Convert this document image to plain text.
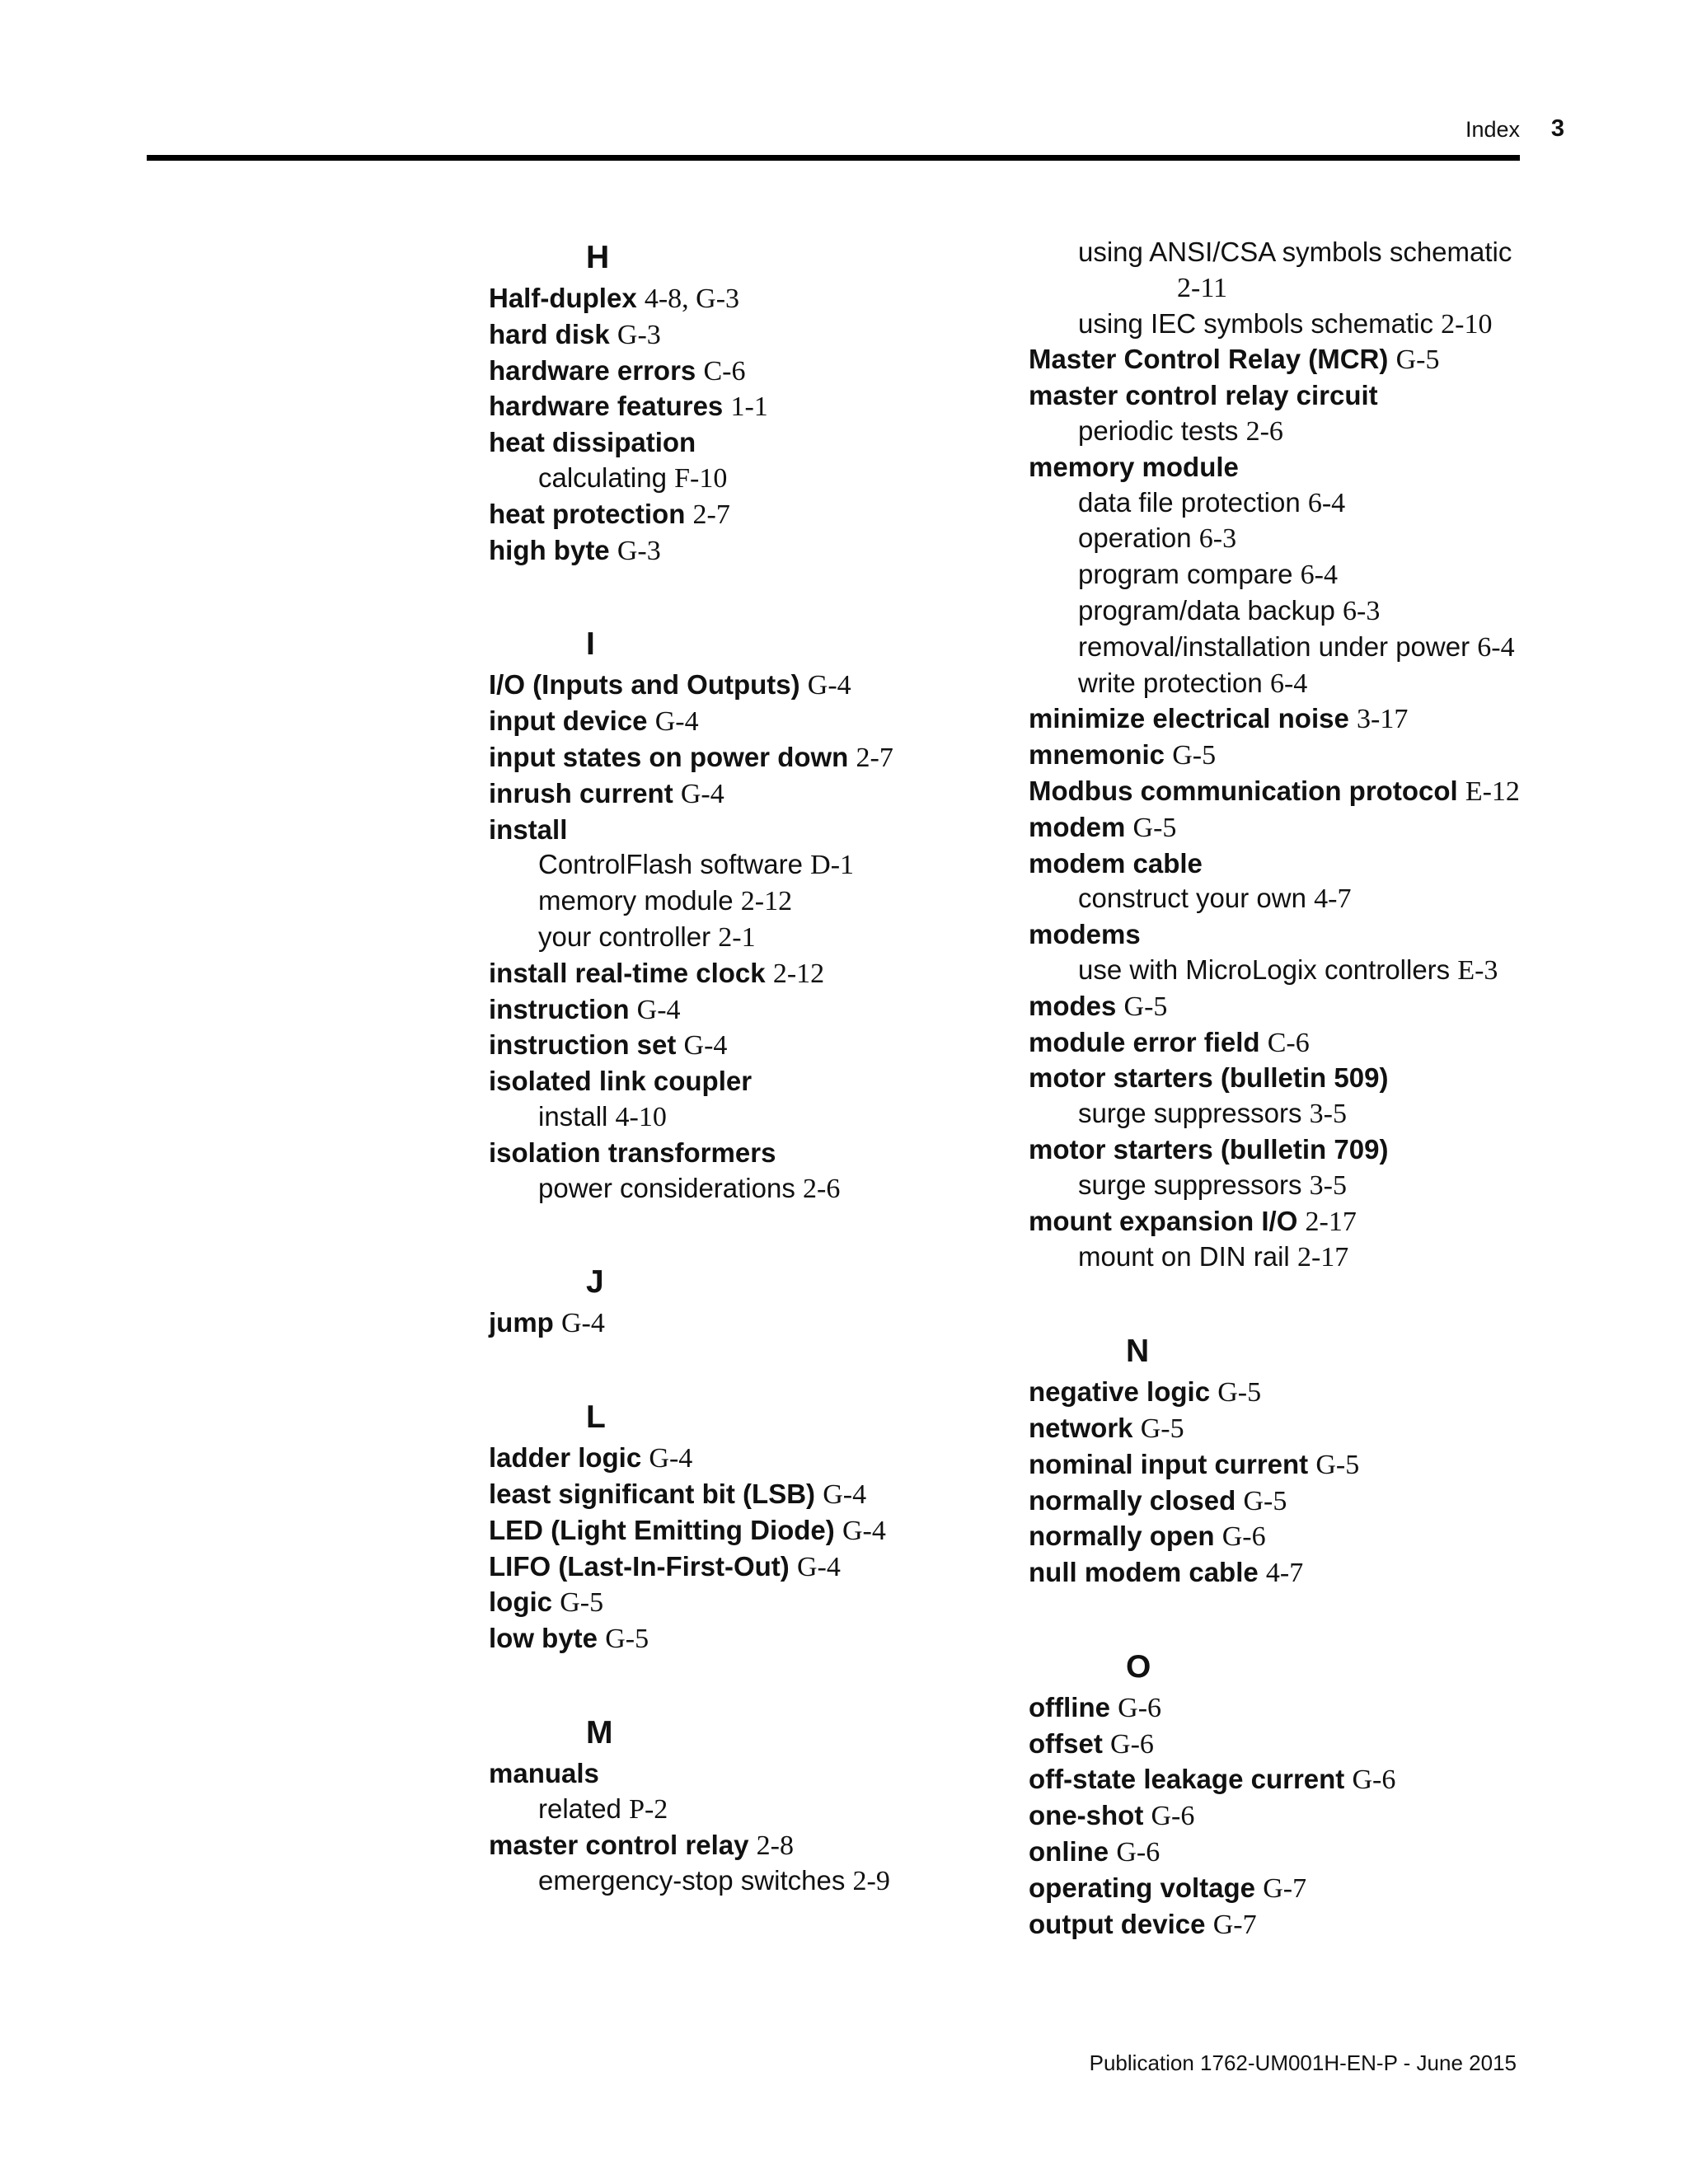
Index 3
H
Half-duplex 4-8, G-3
hard disk G-3
hardware errors C-6
hardware features 1-1
heat dissipation
calculating F-10
heat protection 2-7
high byte G-3
I
I/O (Inputs and Outputs) G-4
input device G-4
input states on power down 2-7
inrush current G-4
install
ControlFlash software D-1
memory module 2-12
your controller 2-1
install real-time clock 2-12
instruction G-4
instruction set G-4
isolated link coupler
install 4-10
isolation transformers
power considerations 2-6
J
jump G-4
L
ladder logic G-4
least significant bit (LSB) G-4
LED (Light Emitting Diode) G-4
LIFO (Last-In-First-Out) G-4
logic G-5
low byte G-5
M
manuals
related P-2
master control relay 2-8
emergency-stop switches 2-9
using ANSI/CSA symbols schematic
2-11
using IEC symbols schematic 2-10
Master Control Relay (MCR) G-5
master control relay circuit
periodic tests 2-6
memory module
data file protection 6-4
operation 6-3
program compare 6-4
program/data backup 6-3
removal/installation under power 6-4
write protection 6-4
minimize electrical noise 3-17
mnemonic G-5
Modbus communication protocol E-12
modem G-5
modem cable
construct your own 4-7
modems
use with MicroLogix controllers E-3
modes G-5
module error field C-6
motor starters (bulletin 509)
surge suppressors 3-5
motor starters (bulletin 709)
surge suppressors 3-5
mount expansion I/O 2-17
mount on DIN rail 2-17
N
negative logic G-5
network G-5
nominal input current G-5
normally closed G-5
normally open G-6
null modem cable 4-7
O
offline G-6
offset G-6
off-state leakage current G-6
one-shot G-6
online G-6
operating voltage G-7
output device G-7
Publication 1762-UM001H-EN-P - June 2015
